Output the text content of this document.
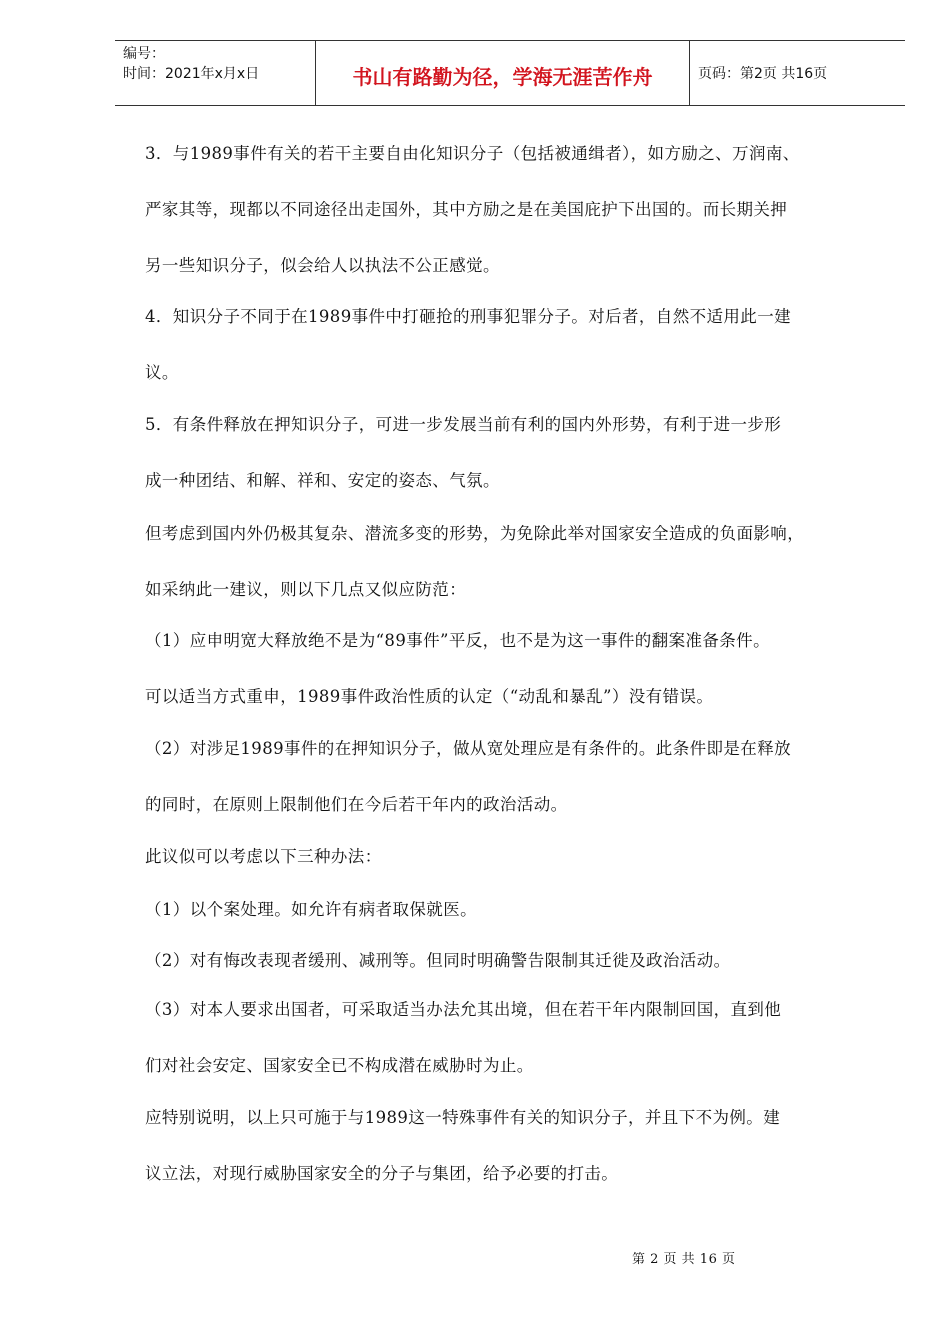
编号：
时间：2021年x月x日	书山有路勤为径，学海无涯苦作舟	页码：第2页 共16页
3．与1989事件有关的若干主要自由化知识分子（包括被通缉者），如方励之、万润南、
严家其等，现都以不同途径出走国外，其中方励之是在美国庇护下出国的。而长期关押
另一些知识分子，似会给人以执法不公正感觉。
4．知识分子不同于在1989事件中打砸抢的刑事犯罪分子。对后者，自然不适用此一建
议。
5．有条件释放在押知识分子，可进一步发展当前有利的国内外形势，有利于进一步形
成一种团结、和解、祥和、安定的姿态、气氛。
但考虑到国内外仍极其复杂、潜流多变的形势，为免除此举对国家安全造成的负面影响，
如采纳此一建议，则以下几点又似应防范：
（1）应申明宽大释放绝不是为“89事件”平反，也不是为这一事件的翻案准备条件。
可以适当方式重申，1989事件政治性质的认定（“动乱和暴乱”）没有错误。
（2）对涉足1989事件的在押知识分子，做从宽处理应是有条件的。此条件即是在释放
的同时，在原则上限制他们在今后若干年内的政治活动。
此议似可以考虑以下三种办法：
（1）以个案处理。如允许有病者取保就医。
（2）对有悔改表现者缓刑、减刑等。但同时明确警告限制其迁徙及政治活动。
（3）对本人要求出国者，可采取适当办法允其出境，但在若干年内限制回国，直到他
们对社会安定、国家安全已不构成潜在威胁时为止。
应特别说明，以上只可施于与1989这一特殊事件有关的知识分子，并且下不为例。建
议立法，对现行威胁国家安全的分子与集团，给予必要的打击。
第 2 页 共 16 页
